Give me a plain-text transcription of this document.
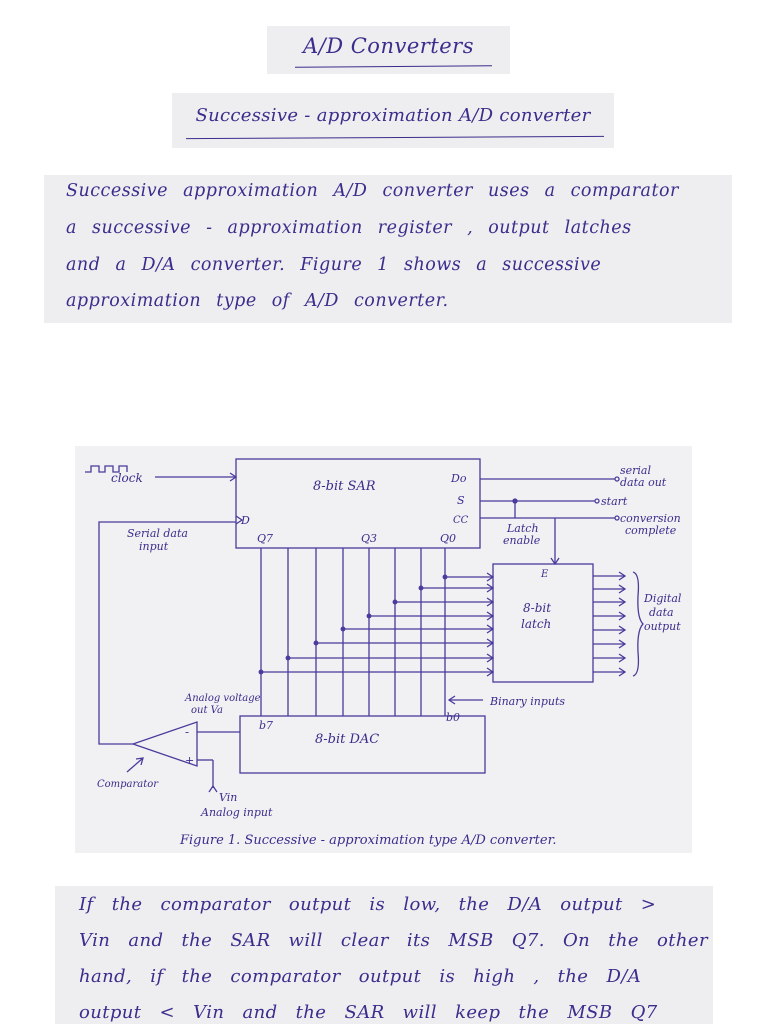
A/D Converters
Successive - approximation A/D converter
Successive approximation A/D converter uses a comparator
a successive - approximation register , output latches
and a D/A converter. Figure 1 shows a successive
approximation type of A/D converter.
clock
8-bit SAR
Do
S
CC
D
Q7	Q3	Q0
serial
data out
start
conversion
complete
Latch
enable
Serial data
input
E
8-bit
latch
Digital
data
output
Analog voltage
out Va
Binary inputs
8-bit DAC
b7
b0
-
+
Comparator
Vin
Analog input
Figure 1. Successive - approximation type A/D converter.
If the comparator output is low, the D/A output >
Vin and the SAR will clear its MSB Q7. On the other
hand, if the comparator output is high , the D/A
output < Vin and the SAR will keep the MSB Q7
